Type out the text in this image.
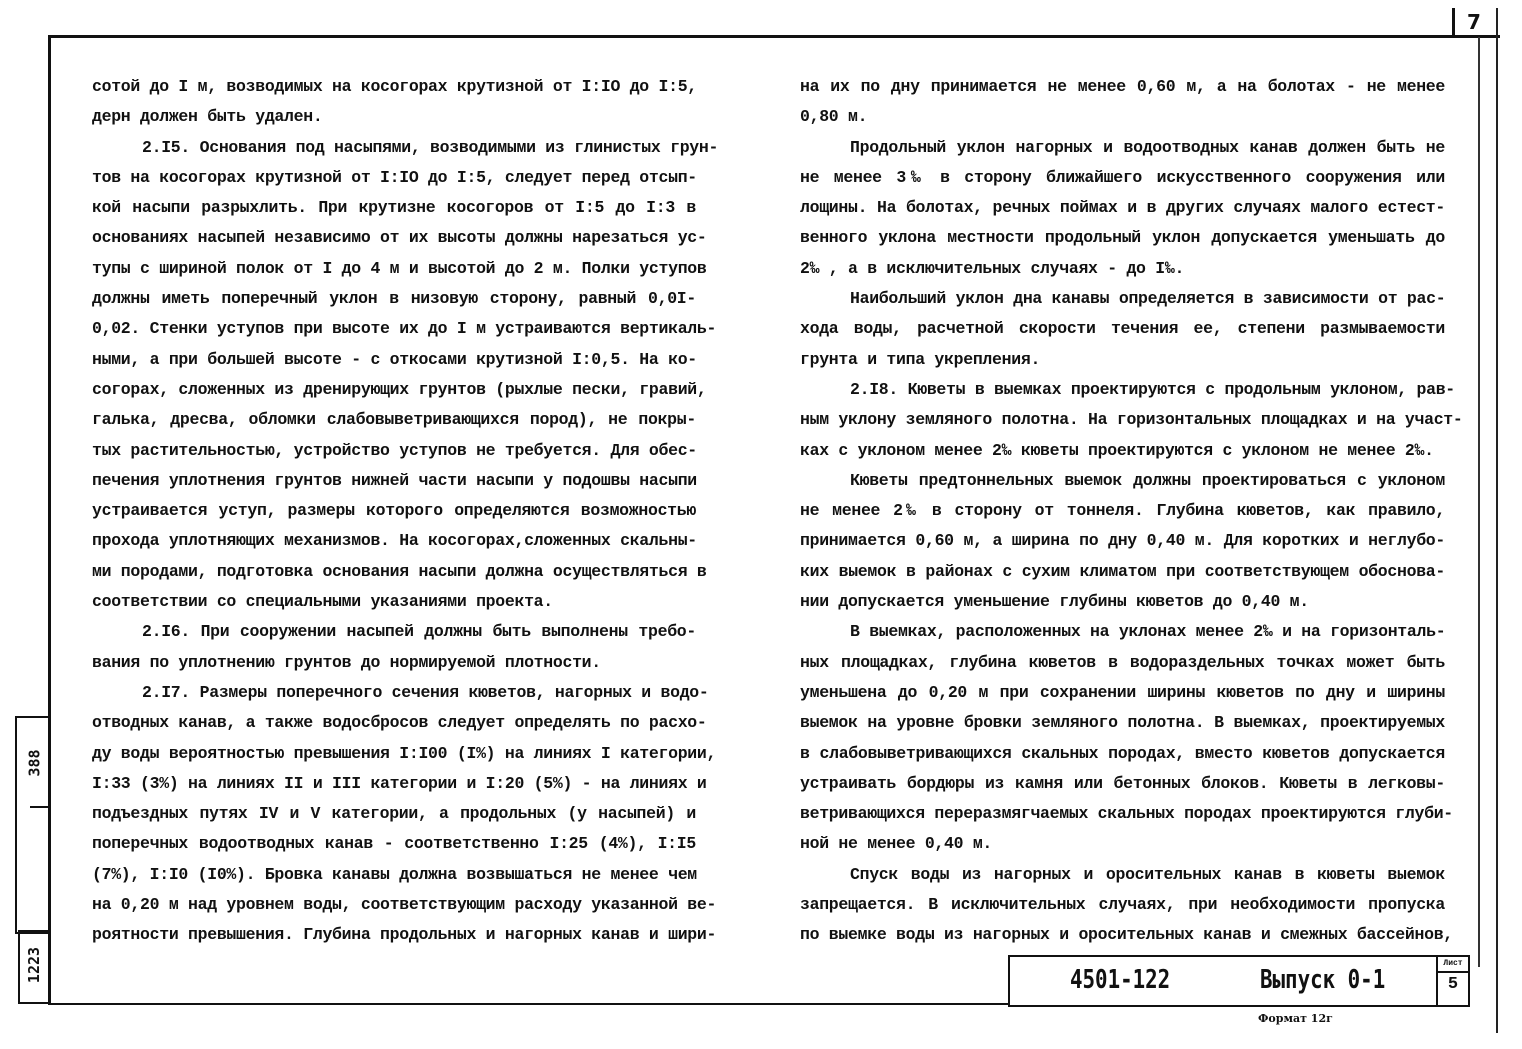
7
сотой до I м, возводимых на косогорах крутизной от I:IO до I:5,
дерн должен быть удален.
2.I5. Основания под насыпями, возводимыми из глинистых грун-
тов на косогорах крутизной от I:IO до I:5, следует перед отсып-
кой насыпи разрыхлить. При крутизне косогоров от I:5 до I:3 в
основаниях насыпей независимо от их высоты должны нарезаться ус-
тупы с шириной полок от I до 4 м и высотой до 2 м. Полки уступов
должны иметь поперечный уклон в низовую сторону, равный 0,0I-
0,02. Стенки уступов при высоте их до I м устраиваются вертикаль-
ными, а при большей высоте - с откосами крутизной I:0,5. На ко-
согорах, сложенных из дренирующих грунтов (рыхлые пески, гравий,
галька, дресва, обломки слабовыветривающихся пород), не покры-
тых растительностью, устройство уступов не требуется. Для обес-
печения уплотнения грунтов нижней части насыпи у подошвы насыпи
устраивается уступ, размеры которого определяются возможностью
прохода уплотняющих механизмов. На косогорах,сложенных скальны-
ми породами, подготовка основания насыпи должна осуществляться в
соответствии со специальными указаниями проекта.
2.I6. При сооружении насыпей должны быть выполнены требо-
вания по уплотнению грунтов до нормируемой плотности.
2.I7. Размеры поперечного сечения кюветов, нагорных и водо-
отводных канав, а также водосбросов следует определять по расхо-
ду воды вероятностью превышения I:I00 (I%) на линиях I категории,
I:33 (3%) на линиях II и III категории и I:20 (5%) - на линиях и
подъездных путях IV и V категории, а продольных (у насыпей) и
поперечных водоотводных канав - соответственно I:25 (4%), I:I5
(7%), I:I0 (I0%). Бровка канавы должна возвышаться не менее чем
на 0,20 м над уровнем воды, соответствующим расходу указанной ве-
роятности превышения. Глубина продольных и нагорных канав и шири-
на их по дну принимается не менее 0,60 м, а на болотах - не менее
0,80 м.
Продольный уклон нагорных и водоотводных канав должен быть не
не менее 3‰ в сторону ближайшего искусственного сооружения или
лощины. На болотах, речных поймах и в других случаях малого естест-
венного уклона местности продольный уклон допускается уменьшать до
2‰ , а в исключительных случаях - до I‰.
Наибольший уклон дна канавы определяется в зависимости от рас-
хода воды, расчетной скорости течения ее, степени размываемости
грунта и типа укрепления.
2.I8. Кюветы в выемках проектируются с продольным уклоном, рав-
ным уклону земляного полотна. На горизонтальных площадках и на участ-
ках с уклоном менее 2‰ кюветы проектируются с уклоном не менее 2‰.
Кюветы предтоннельных выемок должны проектироваться с уклоном
не менее 2‰ в сторону от тоннеля. Глубина кюветов, как правило,
принимается 0,60 м, а ширина по дну 0,40 м. Для коротких и неглубо-
ких выемок в районах с сухим климатом при соответствующем обоснова-
нии допускается уменьшение глубины кюветов до 0,40 м.
В выемках, расположенных на уклонах менее 2‰ и на горизонталь-
ных площадках, глубина кюветов в водораздельных точках может быть
уменьшена до 0,20 м при сохранении ширины кюветов по дну и ширины
выемок на уровне бровки земляного полотна. В выемках, проектируемых
в слабовыветривающихся скальных породах, вместо кюветов допускается
устраивать бордюры из камня или бетонных блоков. Кюветы в легковы-
ветривающихся переразмягчаемых скальных породах проектируются глуби-
ной не менее 0,40 м.
Спуск воды из нагорных и оросительных канав в кюветы выемок
запрещается. В исключительных случаях, при необходимости пропуска
по выемке воды из нагорных и оросительных канав и смежных бассейнов,
388
1223	4501-122	Выпуск 0-1
Лист
5
Формат 12г
